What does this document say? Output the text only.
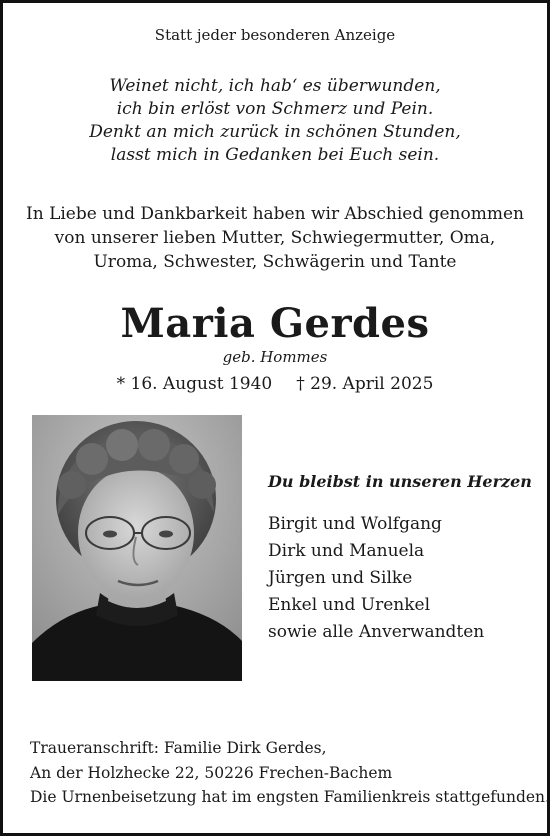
Statt jeder besonderen Anzeige
Weinet nicht, ich hab‘ es überwunden,
ich bin erlöst von Schmerz und Pein.
Denkt an mich zurück in schönen Stunden,
lasst mich in Gedanken bei Euch sein.
In Liebe und Dankbarkeit haben wir Abschied genommen
von unserer lieben Mutter, Schwiegermutter, Oma,
Uroma, Schwester, Schwägerin und Tante
Maria Gerdes
geb. Hommes
* 16. August 1940 † 29. April 2025
Du bleibst in unseren Herzen
Birgit und Wolfgang
Dirk und Manuela
Jürgen und Silke
Enkel und Urenkel
sowie alle Anverwandten
Traueranschrift: Familie Dirk Gerdes,
An der Holzhecke 22, 50226 Frechen-Bachem
Die Urnenbeisetzung hat im engsten Familienkreis stattgefunden.
